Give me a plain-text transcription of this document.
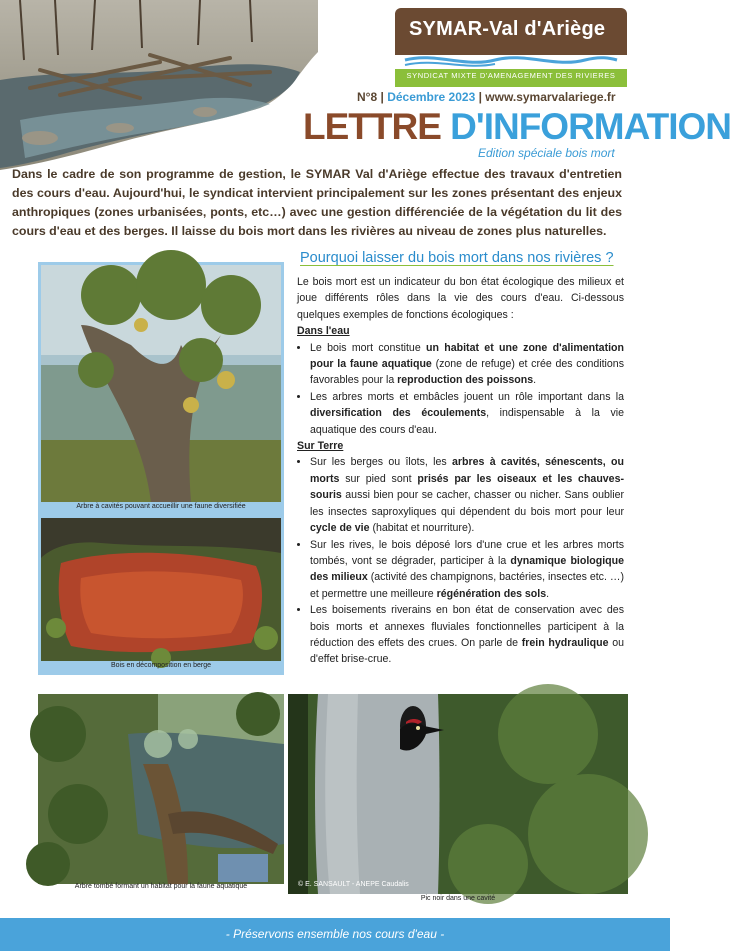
SYMAR-Val d'Ariège
SYNDICAT MIXTE D'AMENAGEMENT DES RIVIERES
N°8 | Décembre 2023 | www.symarvalariege.fr
LETTRE D'INFORMATION
Edition spéciale bois mort
Dans le cadre de son programme de gestion, le SYMAR Val d'Ariège effectue des travaux d'entretien des cours d'eau. Aujourd'hui, le syndicat intervient principalement sur les zones présentant des enjeux anthropiques (zones urbanisées, ponts, etc…) avec une gestion différenciée de la végétation du lit des cours d'eau et des berges. Il laisse du bois mort dans les rivières au niveau de zones plus naturelles.
Arbre à cavités pouvant accueillir une faune diversifiée
Bois en décomposition en berge
Pourquoi laisser du bois mort dans nos rivières ?

Le bois mort est un indicateur du bon état écologique des milieux et joue différents rôles dans la vie des cours d'eau. Ci-dessous quelques exemples de fonctions écologiques :

Dans l'eau

• Le bois mort constitue un habitat et une zone d'alimentation pour la faune aquatique (zone de refuge) et crée des conditions favorables pour la reproduction des poissons.
• Les arbres morts et embâcles jouent un rôle important dans la diversification des écoulements, indispensable à la vie aquatique des cours d'eau.

Sur Terre

• Sur les berges ou îlots, les arbres à cavités, sénescents, ou morts sur pied sont prisés par les oiseaux et les chauves-souris aussi bien pour se cacher, chasser ou nicher. Sans oublier les insectes saproxyliques qui dépendent du bois mort pour leur cycle de vie (habitat et nourriture).
• Sur les rives, le bois déposé lors d'une crue et les arbres morts tombés, vont se dégrader, participer à la dynamique biologique des milieux (activité des champignons, bactéries, insectes etc. …) et permettre une meilleure régénération des sols.
• Les boisements riverains en bon état de conservation avec des bois morts et annexes fluviales fonctionnelles participent à la réduction des effets des crues. On parle de frein hydraulique ou d'effet brise-crue.
Arbre tombé formant un habitat pour la faune aquatique	© E. SANSAULT - ANEPE Caudalis
Pic noir dans une cavité
- Préservons ensemble nos cours d'eau -
